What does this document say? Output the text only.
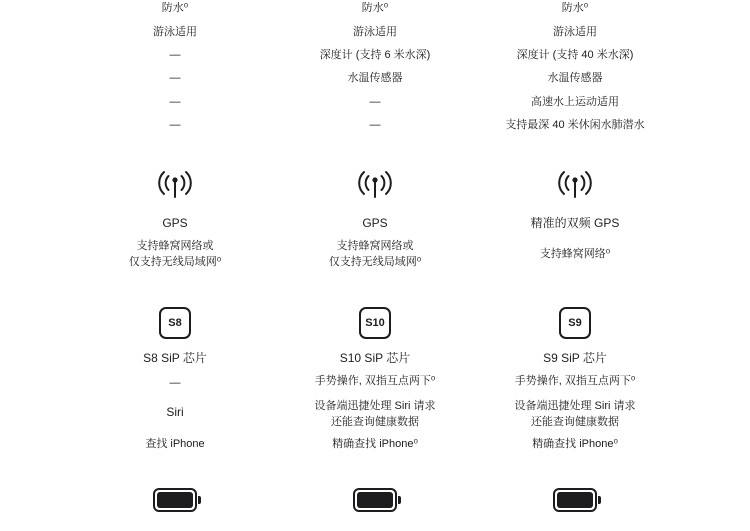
防水⁰
游泳适用
—
—
—
—
GPS
支持蜂窝网络或
仅支持无线局域网⁰
S8
S8 SiP 芯片
—
Siri
查找 iPhone
防水⁰
游泳适用
深度计 (支持 6 米水深)
水温传感器
—
—
GPS
支持蜂窝网络或
仅支持无线局域网⁰
S10
S10 SiP 芯片
手势操作, 双指互点两下⁰
设备端迅捷处理 Siri 请求
还能查询健康数据
精确查找 iPhone⁰
防水⁰
游泳适用
深度计 (支持 40 米水深)
水温传感器
高速水上运动适用
支持最深 40 米休闲水肺潜水
精准的双频 GPS
支持蜂窝网络⁰
S9
S9 SiP 芯片
手势操作, 双指互点两下⁰
设备端迅捷处理 Siri 请求
还能查询健康数据
精确查找 iPhone⁰
